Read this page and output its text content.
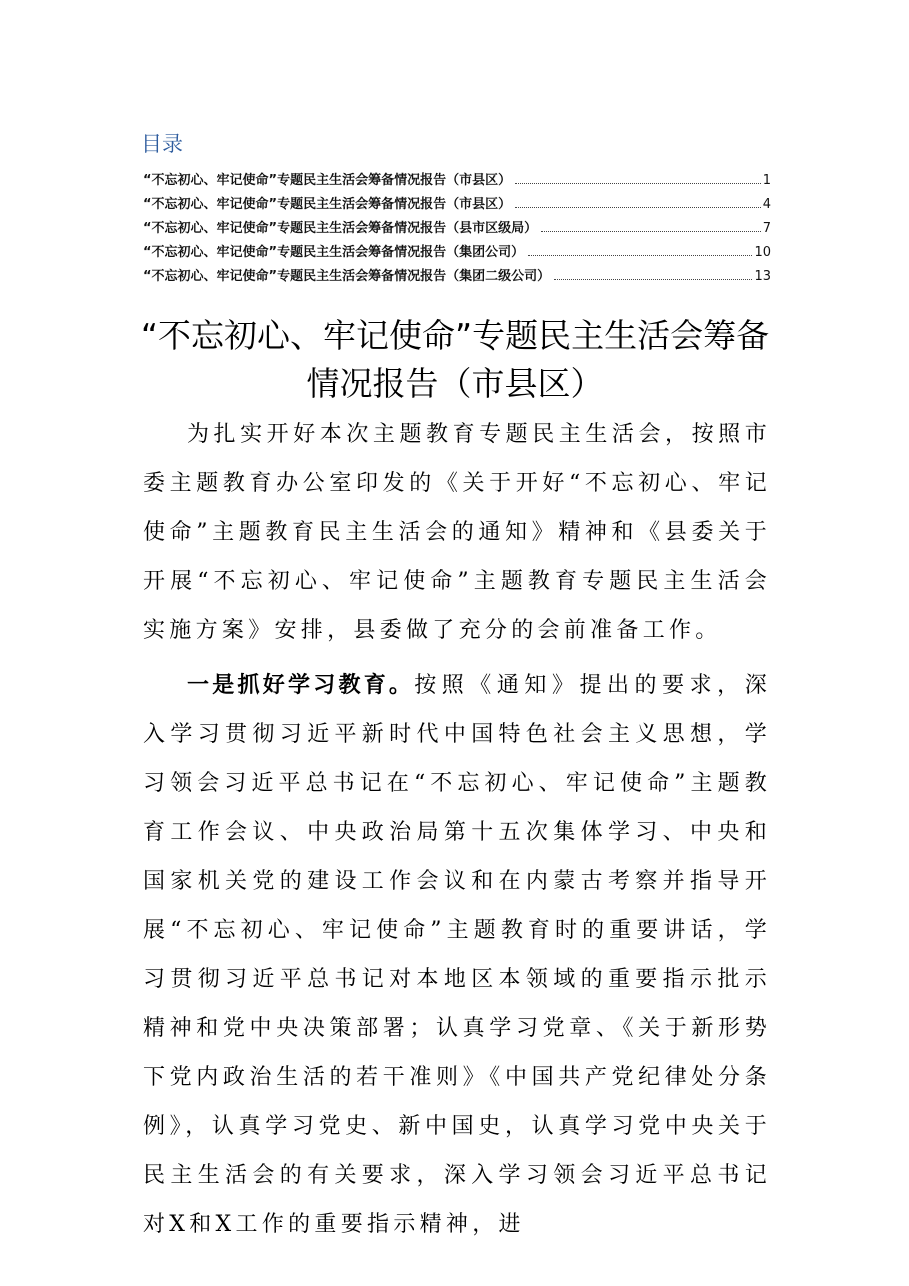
目录
“不忘初心、牢记使命”专题民主生活会筹备情况报告（市县区）	1
“不忘初心、牢记使命”专题民主生活会筹备情况报告（市县区）	4
“不忘初心、牢记使命”专题民主生活会筹备情况报告（县市区级局）	7
“不忘初心、牢记使命”专题民主生活会筹备情况报告（集团公司）	10
“不忘初心、牢记使命”专题民主生活会筹备情况报告（集团二级公司）	13
“不忘初心、牢记使命”专题民主生活会筹备情况报告（市县区）

为扎实开好本次主题教育专题民主生活会，按照市委主题教育办公室印发的《关于开好“不忘初心、牢记使命”主题教育民主生活会的通知》精神和《县委关于开展“不忘初心、牢记使命”主题教育专题民主生活会实施方案》安排，县委做了充分的会前准备工作。

一是抓好学习教育。按照《通知》提出的要求，深入学习贯彻习近平新时代中国特色社会主义思想，学习领会习近平总书记在“不忘初心、牢记使命”主题教育工作会议、中央政治局第十五次集体学习、中央和国家机关党的建设工作会议和在内蒙古考察并指导开展“不忘初心、牢记使命”主题教育时的重要讲话，学习贯彻习近平总书记对本地区本领域的重要指示批示精神和党中央决策部署；认真学习党章、《关于新形势下党内政治生活的若干准则》《中国共产党纪律处分条例》，认真学习党史、新中国史，认真学习党中央关于民主生活会的有关要求，深入学习领会习近平总书记对X和X工作的重要指示精神，进
